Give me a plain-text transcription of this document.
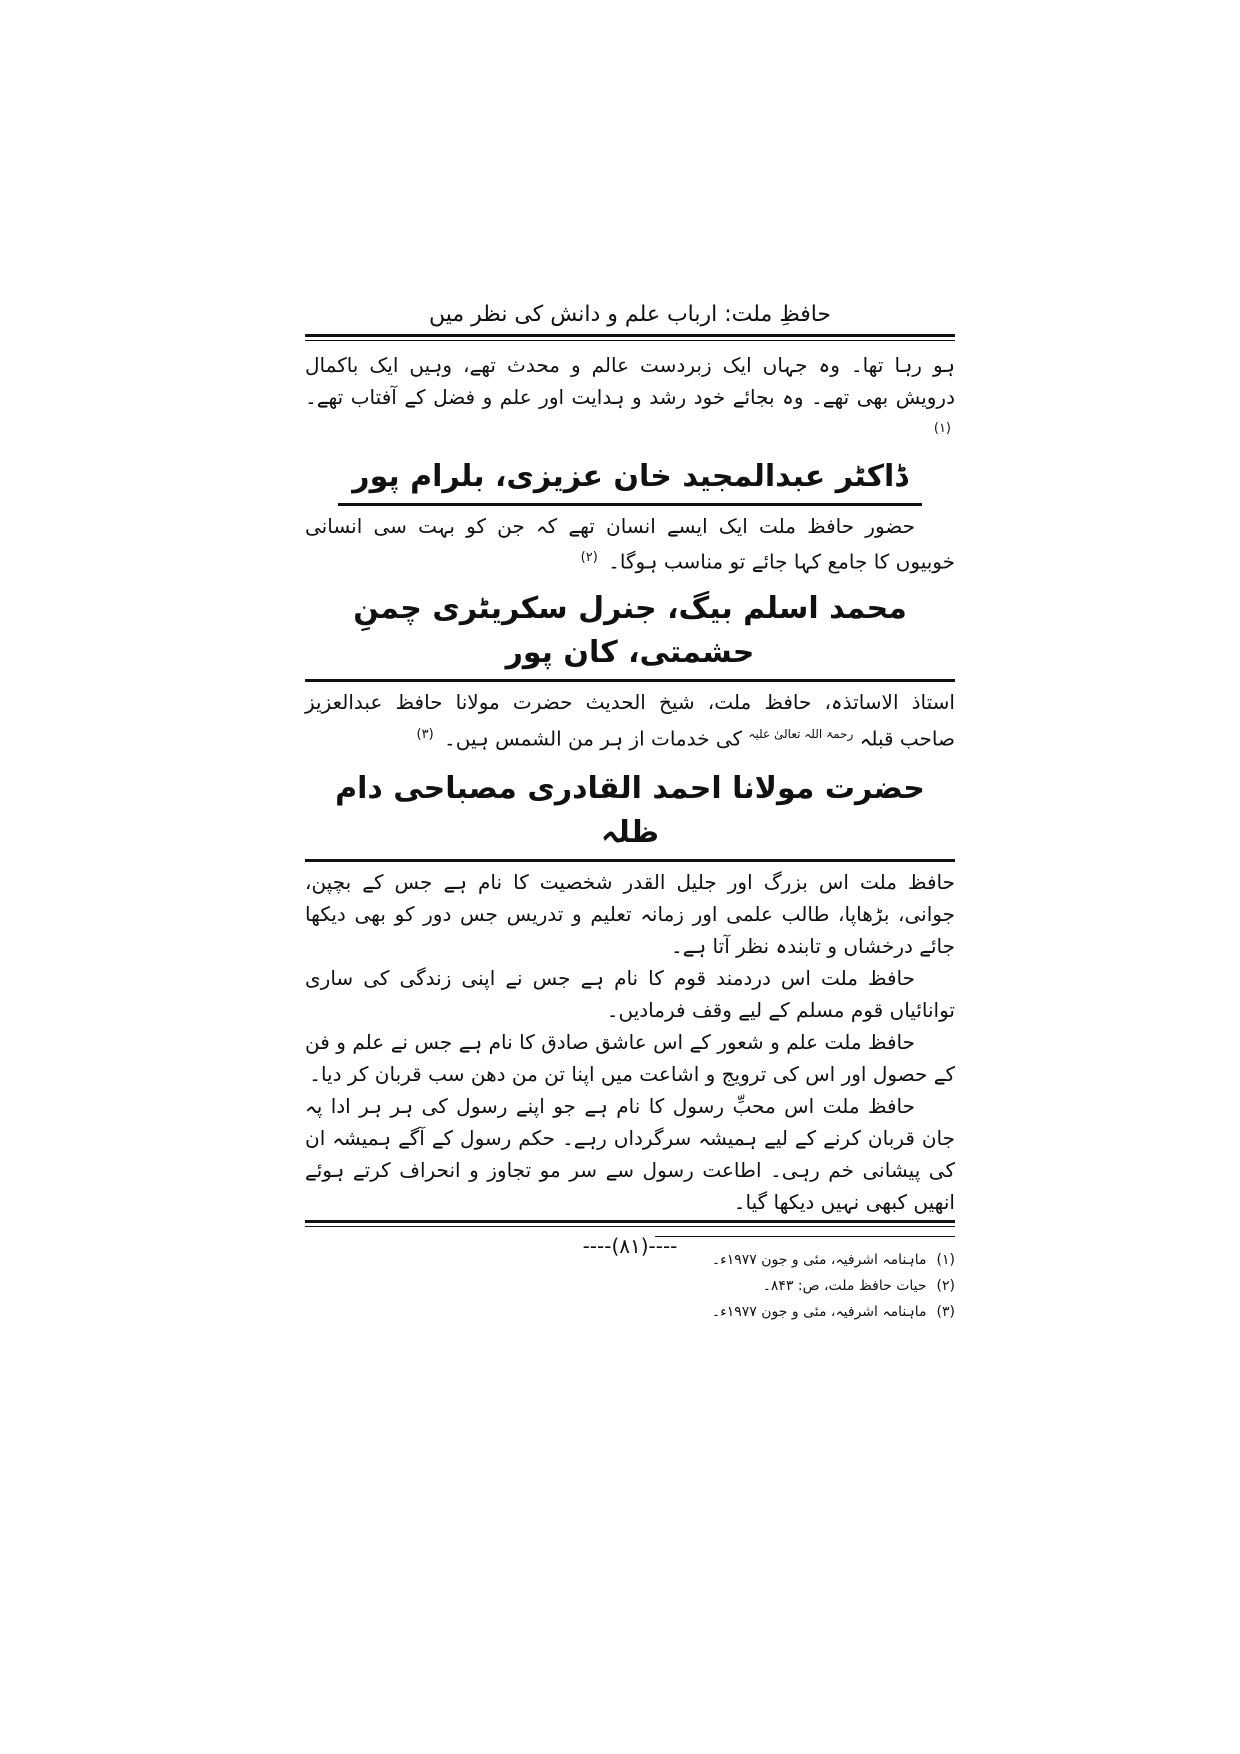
حافظِ ملت: ارباب علم و دانش کی نظر میں

ہو رہا تھا۔ وہ جہاں ایک زبردست عالم و محدث تھے، وہیں ایک باکمال درویش بھی تھے۔ وہ بجائے خود رشد و ہدایت اور علم و فضل کے آفتاب تھے۔ $^{(۱)}$

ڈاکٹر عبدالمجید خان عزیزی، بلرام پور

حضور حافظ ملت ایک ایسے انسان تھے کہ جن کو بہت سی انسانی خوبیوں کا جامع کہا جائے تو مناسب ہوگا۔ $^{(۲)}$

محمد اسلم بیگ، جنرل سکریٹری چمنِ حشمتی، کان پور

استاذ الاساتذہ، حافظ ملت، شیخ الحدیث حضرت مولانا حافظ عبدالعزیز صاحب قبلہ $^{رحمۃ اللہ تعالیٰ علیہ}$ کی خدمات از ہر من الشمس ہیں۔ $^{(۳)}$

حضرت مولانا احمد القادری مصباحی دام ظلہ

حافظ ملت اس بزرگ اور جلیل القدر شخصیت کا نام ہے جس کے بچپن، جوانی، بڑھاپا، طالب علمی اور زمانہ تعلیم و تدریس جس دور کو بھی دیکھا جائے درخشاں و تابندہ نظر آتا ہے۔

حافظ ملت اس دردمند قوم کا نام ہے جس نے اپنی زندگی کی ساری توانائیاں قوم مسلم کے لیے وقف فرمادیں۔

حافظ ملت علم و شعور کے اس عاشق صادق کا نام ہے جس نے علم و فن کے حصول اور اس کی ترویج و اشاعت میں اپنا تن من دھن سب قربان کر دیا۔

حافظ ملت اس محبِّ رسول کا نام ہے جو اپنے رسول کی ہر ہر ادا پہ جان قربان کرنے کے لیے ہمیشہ سرگرداں رہے۔ حکم رسول کے آگے ہمیشہ ان کی پیشانی خم رہی۔ اطاعت رسول سے سر مو تجاوز و انحراف کرتے ہوئے انھیں کبھی نہیں دیکھا گیا۔

(۱)ماہنامہ اشرفیہ، مئی و جون ۱۹۷۷ء۔

(۲)حیات حافظ ملت، ص: ۸۴۳۔

(۳)ماہنامہ اشرفیہ، مئی و جون ۱۹۷۷ء۔

----(۸۱)----
